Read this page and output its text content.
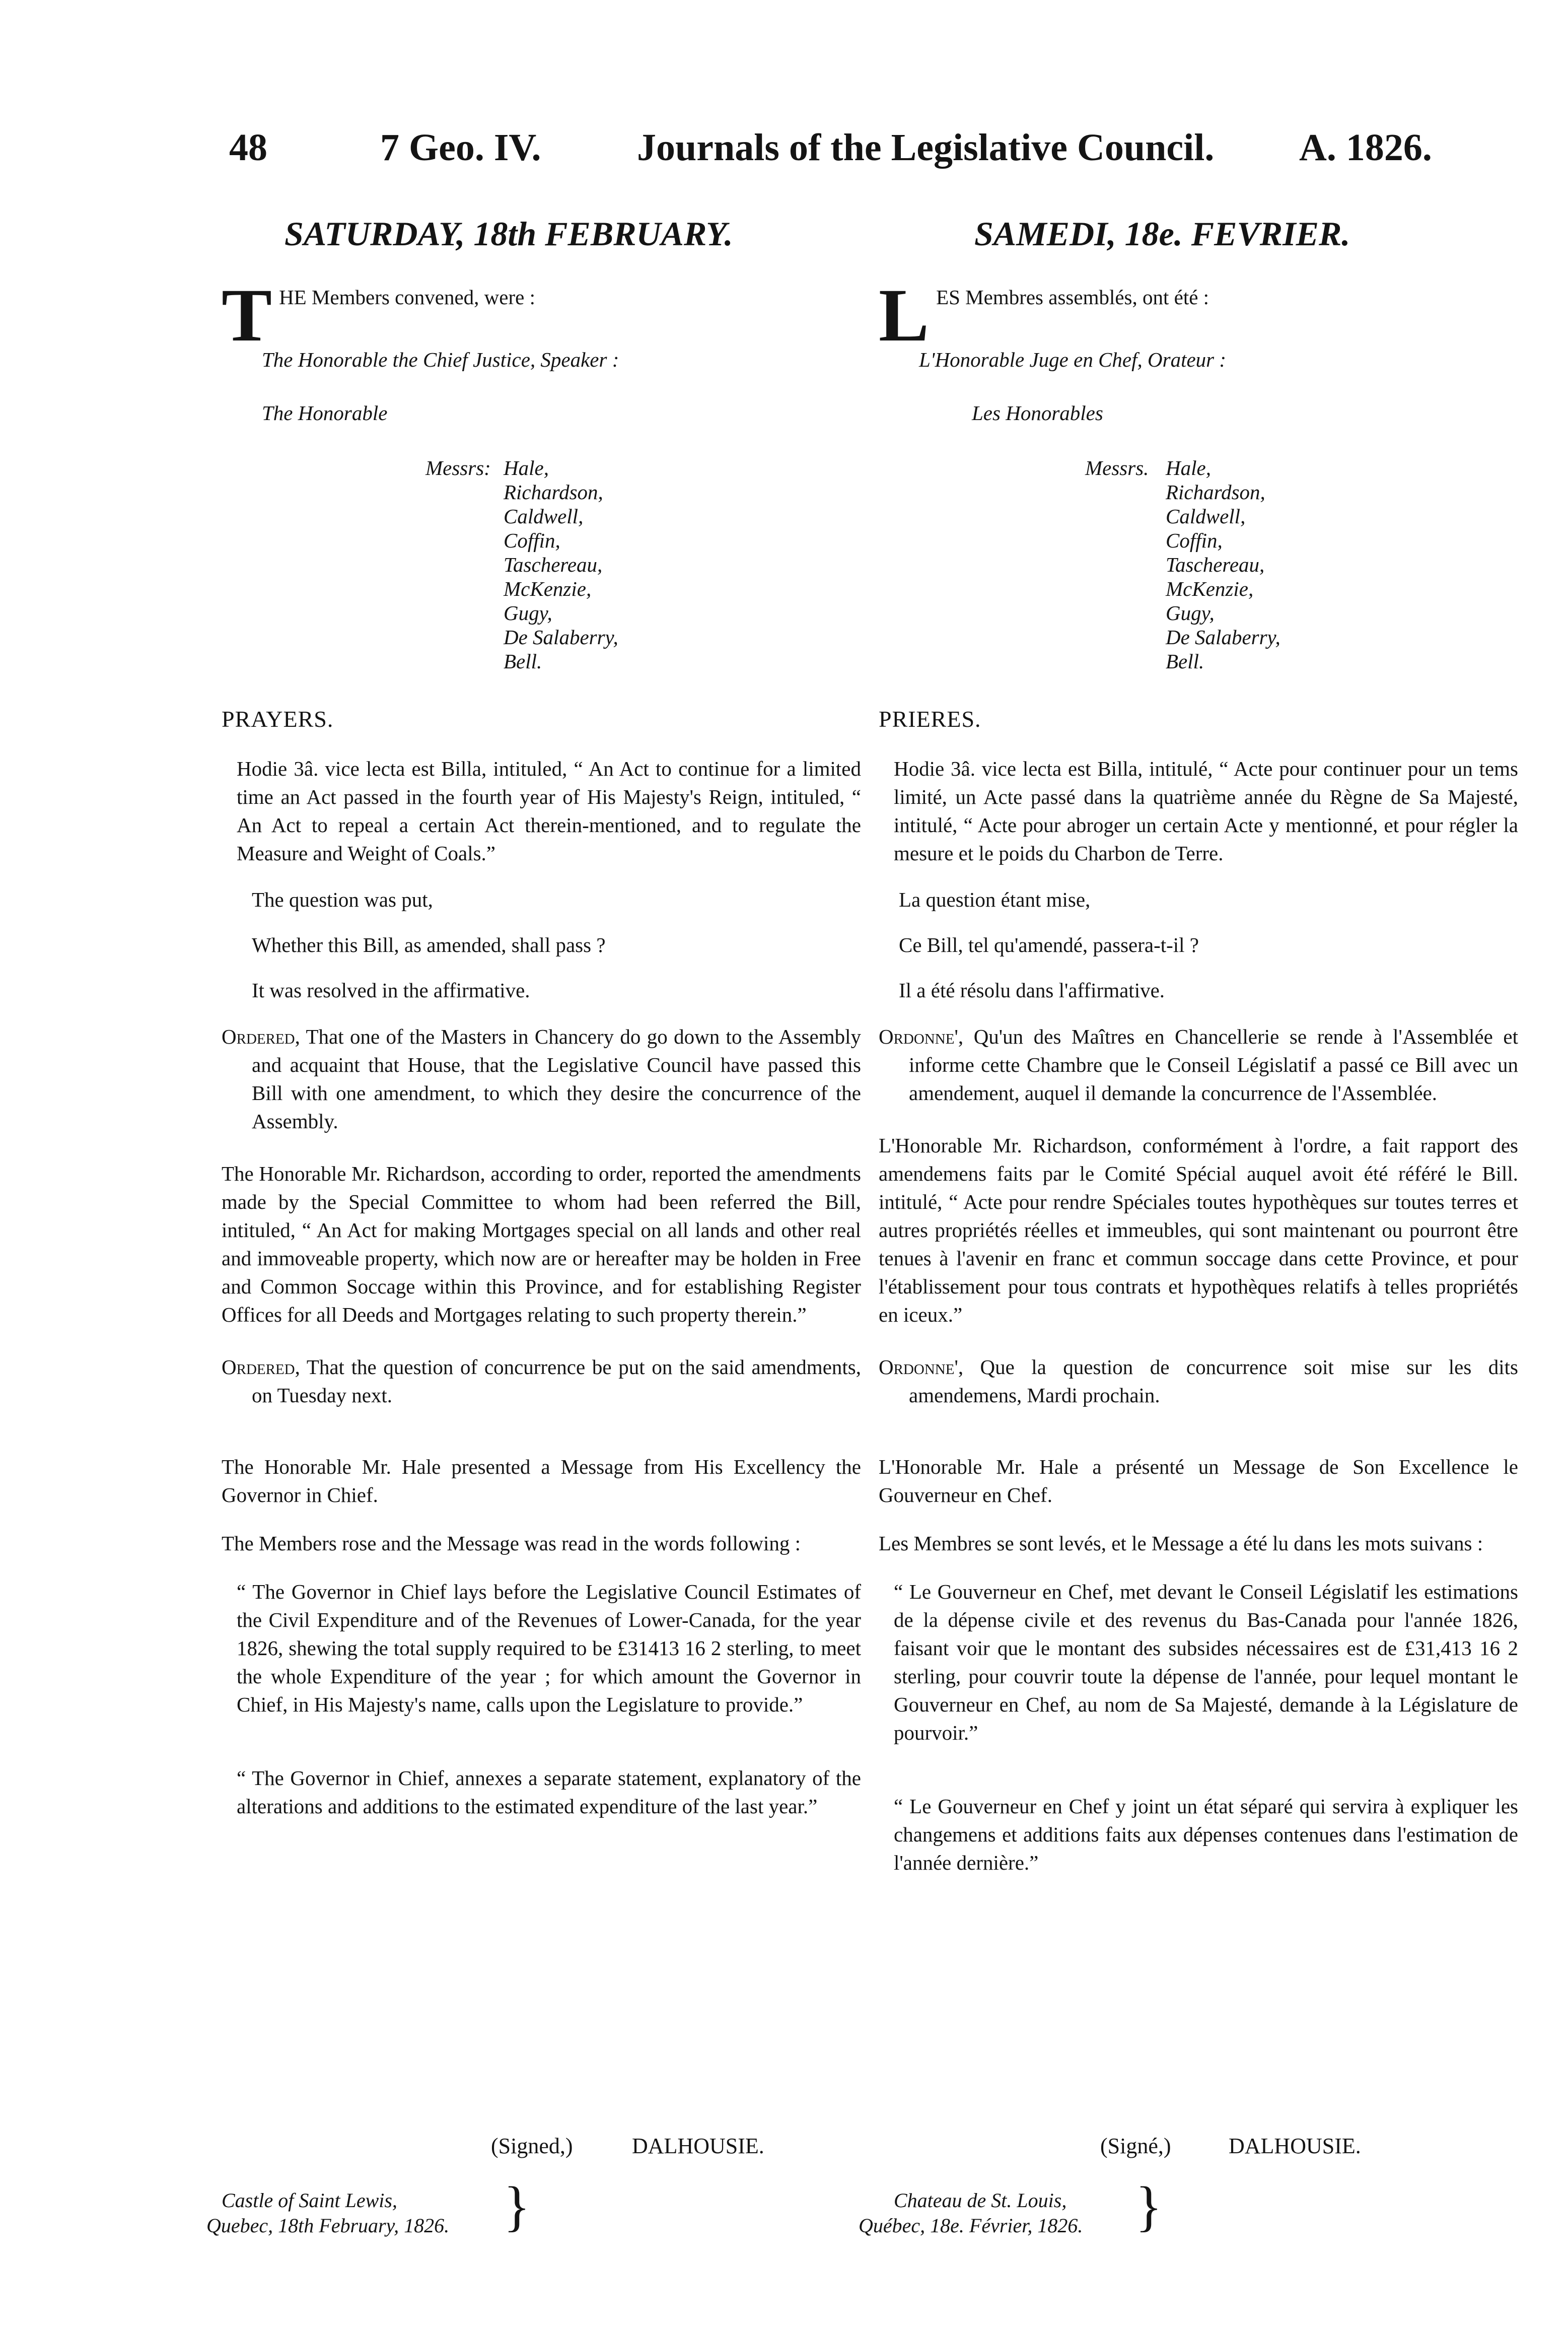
48	7 Geo. IV.	Journals of the Legislative Council. A. 1826.
SATURDAY, 18th FEBRUARY.	SAMEDI, 18e. FEVRIER.

T HE Members convened, were :

The Honorable the Chief Justice, Speaker :

The Honorable

Messrs: Hale,
Richardson,
Caldwell,
Coffin,
Taschereau,
McKenzie,
Gugy,
De Salaberry,
Bell.

PRAYERS.

Hodie 3â. vice lecta est Billa, intituled, “ An Act to continue for a limited time an Act passed in the fourth year of His Majesty's Reign, intituled, “ An Act to repeal a certain Act therein-mentioned, and to regulate the Measure and Weight of Coals.”

The question was put,

Whether this Bill, as amended, shall pass ?

It was resolved in the affirmative.

Ordered, That one of the Masters in Chancery do go down to the Assembly and acquaint that House, that the Legislative Council have passed this Bill with one amendment, to which they desire the concurrence of the Assembly.

The Honorable Mr. Richardson, according to order, reported the amendments made by the Special Committee to whom had been referred the Bill, intituled, “ An Act for making Mortgages special on all lands and other real and immoveable property, which now are or hereafter may be holden in Free and Common Soccage within this Province, and for establishing Register Offices for all Deeds and Mortgages relating to such property therein.”

Ordered, That the question of concurrence be put on the said amendments, on Tuesday next.

The Honorable Mr. Hale presented a Message from His Excellency the Governor in Chief.

The Members rose and the Message was read in the words following :

“ The Governor in Chief lays before the Legislative Council Estimates of the Civil Expenditure and of the Revenues of Lower-Canada, for the year 1826, shewing the total supply required to be £31413 16 2 sterling, to meet the whole Expenditure of the year ; for which amount the Governor in Chief, in His Majesty's name, calls upon the Legislature to provide.”

“ The Governor in Chief, annexes a separate statement, explanatory of the alterations and additions to the estimated expenditure of the last year.”

(Signed,)	DALHOUSIE.
Castle of Saint Lewis,
Quebec, 18th February, 1826. }

L ES Membres assemblés, ont été :

L'Honorable Juge en Chef, Orateur :

Les Honorables

Messrs. Hale,
Richardson,
Caldwell,
Coffin,
Taschereau,
McKenzie,
Gugy,
De Salaberry,
Bell.

PRIERES.

Hodie 3â. vice lecta est Billa, intitulé, “ Acte pour continuer pour un tems limité, un Acte passé dans la quatrième année du Règne de Sa Majesté, intitulé, “ Acte pour abroger un certain Acte y mentionné, et pour régler la mesure et le poids du Charbon de Terre.

La question étant mise,

Ce Bill, tel qu'amendé, passera-t-il ?

Il a été résolu dans l'affirmative.

Ordonne', Qu'un des Maîtres en Chancellerie se rende à l'Assemblée et informe cette Chambre que le Conseil Législatif a passé ce Bill avec un amendement, auquel il demande la concurrence de l'Assemblée.

L'Honorable Mr. Richardson, conformément à l'ordre, a fait rapport des amendemens faits par le Comité Spécial auquel avoit été référé le Bill. intitulé, “ Acte pour rendre Spéciales toutes hypothèques sur toutes terres et autres propriétés réelles et immeubles, qui sont maintenant ou pourront être tenues à l'avenir en franc et commun soccage dans cette Province, et pour l'établissement pour tous contrats et hypothèques relatifs à telles propriétés en iceux.”

Ordonne', Que la question de concurrence soit mise sur les dits amendemens, Mardi prochain.

L'Honorable Mr. Hale a présenté un Message de Son Excellence le Gouverneur en Chef.

Les Membres se sont levés, et le Message a été lu dans les mots suivans :

“ Le Gouverneur en Chef, met devant le Conseil Législatif les estimations de la dépense civile et des revenus du Bas-Canada pour l'année 1826, faisant voir que le montant des subsides nécessaires est de £31,413 16 2 sterling, pour couvrir toute la dépense de l'année, pour lequel montant le Gouverneur en Chef, au nom de Sa Majesté, demande à la Législature de pourvoir.”

“ Le Gouverneur en Chef y joint un état séparé qui servira à expliquer les changemens et additions faits aux dépenses contenues dans l'estimation de l'année dernière.”

(Signé,)	DALHOUSIE.
Chateau de St. Louis,
Québec, 18e. Février, 1826. }
